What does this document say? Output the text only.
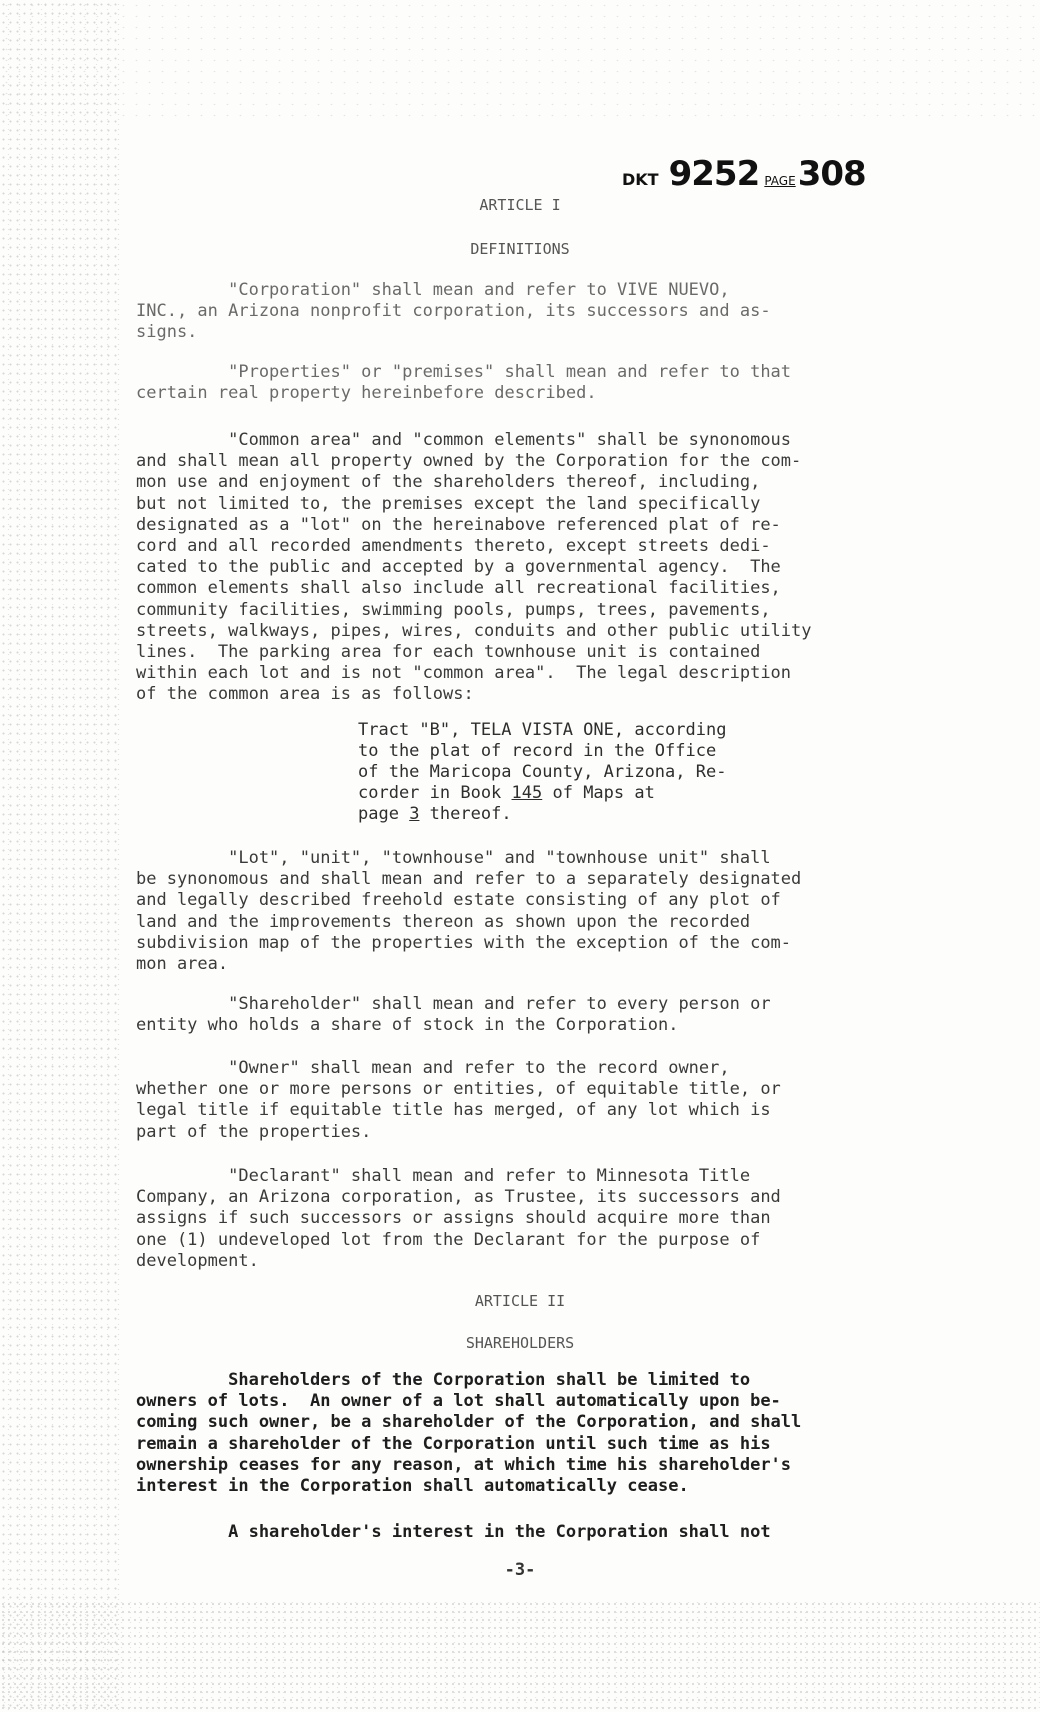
DKT 9252 PAGE308
ARTICLE I
DEFINITIONS
"Corporation" shall mean and refer to VIVE NUEVO,
INC., an Arizona nonprofit corporation, its successors and as-
signs.
"Properties" or "premises" shall mean and refer to that
certain real property hereinbefore described.
"Common area" and "common elements" shall be synonomous
and shall mean all property owned by the Corporation for the com-
mon use and enjoyment of the shareholders thereof, including,
but not limited to, the premises except the land specifically
designated as a "lot" on the hereinabove referenced plat of re-
cord and all recorded amendments thereto, except streets dedi-
cated to the public and accepted by a governmental agency.  The
common elements shall also include all recreational facilities,
community facilities, swimming pools, pumps, trees, pavements,
streets, walkways, pipes, wires, conduits and other public utility
lines.  The parking area for each townhouse unit is contained
within each lot and is not "common area".  The legal description
of the common area is as follows:
Tract "B", TELA VISTA ONE, according
to the plat of record in the Office
of the Maricopa County, Arizona, Re-
corder in Book 145 of Maps at
page 3 thereof.
"Lot", "unit", "townhouse" and "townhouse unit" shall
be synonomous and shall mean and refer to a separately designated
and legally described freehold estate consisting of any plot of
land and the improvements thereon as shown upon the recorded
subdivision map of the properties with the exception of the com-
mon area.
"Shareholder" shall mean and refer to every person or
entity who holds a share of stock in the Corporation.
"Owner" shall mean and refer to the record owner,
whether one or more persons or entities, of equitable title, or
legal title if equitable title has merged, of any lot which is
part of the properties.
"Declarant" shall mean and refer to Minnesota Title
Company, an Arizona corporation, as Trustee, its successors and
assigns if such successors or assigns should acquire more than
one (1) undeveloped lot from the Declarant for the purpose of
development.
ARTICLE II
SHAREHOLDERS
Shareholders of the Corporation shall be limited to
owners of lots.  An owner of a lot shall automatically upon be-
coming such owner, be a shareholder of the Corporation, and shall
remain a shareholder of the Corporation until such time as his
ownership ceases for any reason, at which time his shareholder's
interest in the Corporation shall automatically cease.
A shareholder's interest in the Corporation shall not
-3-
